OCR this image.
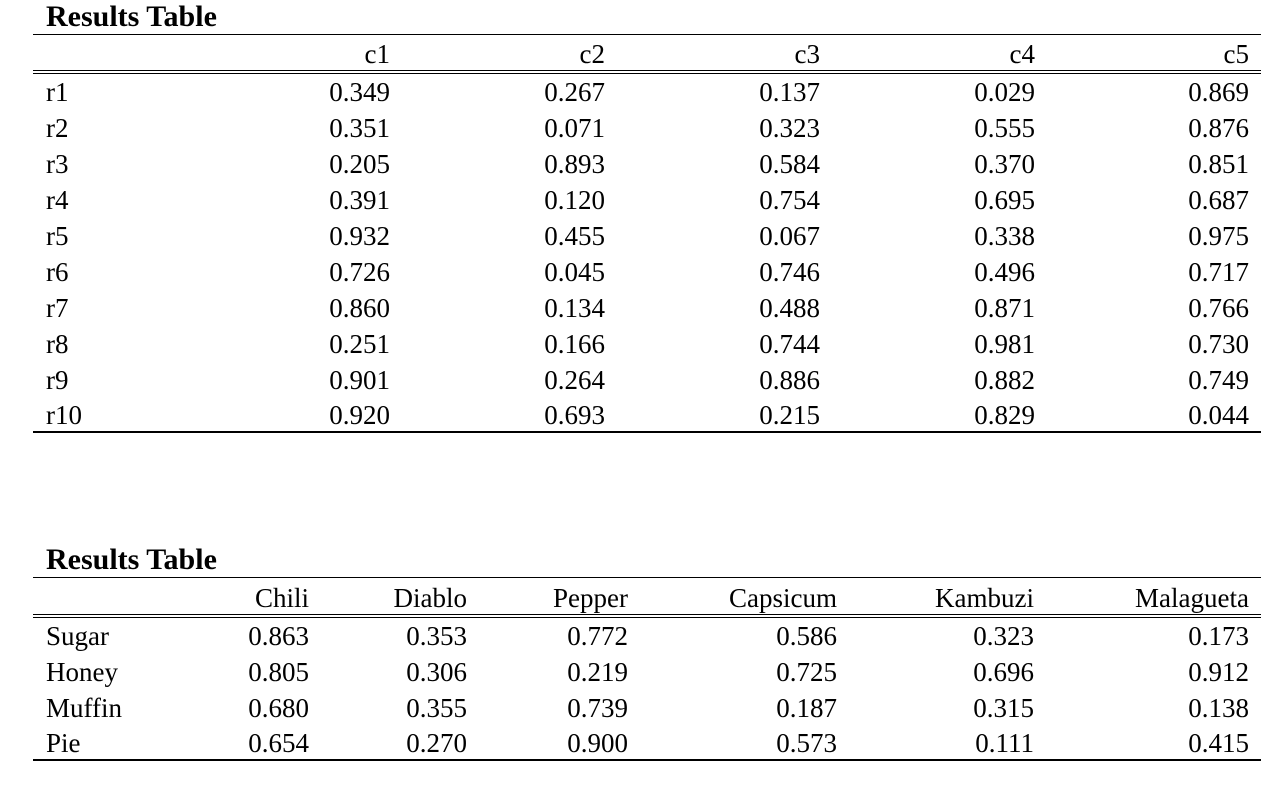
Results Table
	c1	c2	c3	c4	c5
r1	0.349	0.267	0.137	0.029	0.869
r2	0.351	0.071	0.323	0.555	0.876
r3	0.205	0.893	0.584	0.370	0.851
r4	0.391	0.120	0.754	0.695	0.687
r5	0.932	0.455	0.067	0.338	0.975
r6	0.726	0.045	0.746	0.496	0.717
r7	0.860	0.134	0.488	0.871	0.766
r8	0.251	0.166	0.744	0.981	0.730
r9	0.901	0.264	0.886	0.882	0.749
r10	0.920	0.693	0.215	0.829	0.044
Results Table
	Chili	Diablo	Pepper	Capsicum	Kambuzi	Malagueta
Sugar	0.863	0.353	0.772	0.586	0.323	0.173
Honey	0.805	0.306	0.219	0.725	0.696	0.912
Muffin	0.680	0.355	0.739	0.187	0.315	0.138
Pie	0.654	0.270	0.900	0.573	0.111	0.415
